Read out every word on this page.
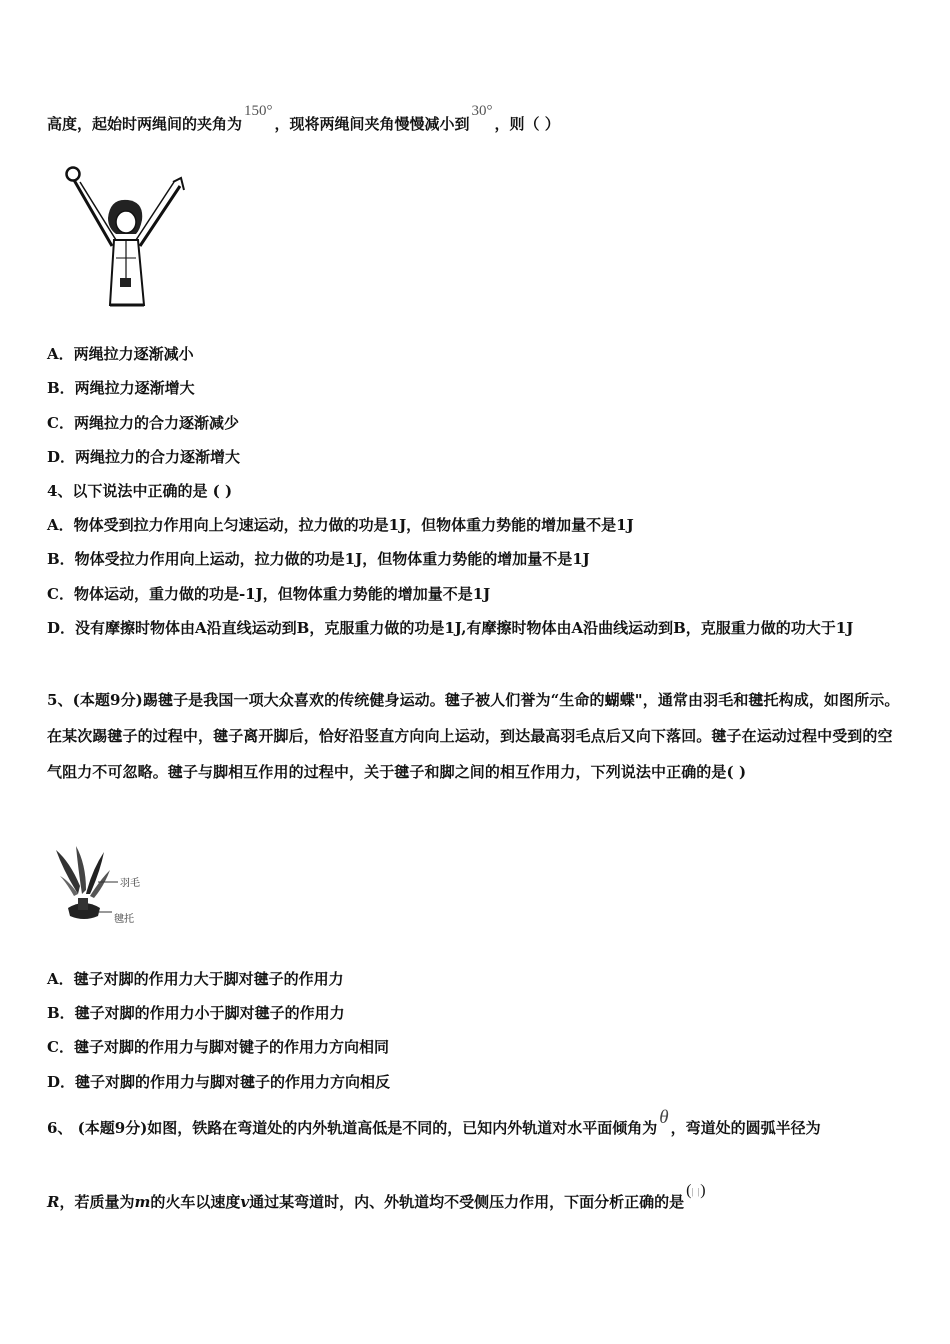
高度，起始时两绳间的夹角为150°，现将两绳间夹角慢慢减小到30°，则（ ）
A．两绳拉力逐渐减小
B．两绳拉力逐渐增大
C．两绳拉力的合力逐渐减少
D．两绳拉力的合力逐渐增大
4、以下说法中正确的是 ( )
A．物体受到拉力作用向上匀速运动，拉力做的功是1J，但物体重力势能的增加量不是1J
B．物体受拉力作用向上运动，拉力做的功是1J，但物体重力势能的增加量不是1J
C．物体运动，重力做的功是-1J，但物体重力势能的增加量不是1J
D．没有摩擦时物体由A沿直线运动到B，克服重力做的功是1J,有摩擦时物体由A沿曲线运动到B，克服重力做的功大于1J
5、(本题9分)踢毽子是我国一项大众喜欢的传统健身运动。毽子被人们誉为“生命的蝴蝶"，通常由羽毛和毽托构成，如图所示。在某次踢毽子的过程中，毽子离开脚后，恰好沿竖直方向向上运动，到达最高羽毛点后又向下落回。毽子在运动过程中受到的空气阻力不可忽略。毽子与脚相互作用的过程中，关于毽子和脚之间的相互作用力，下列说法中正确的是( )
羽毛
毽托
A．毽子对脚的作用力大于脚对毽子的作用力
B．毽子对脚的作用力小于脚对毽子的作用力
C．毽子对脚的作用力与脚对键子的作用力方向相同
D．毽子对脚的作用力与脚对毽子的作用力方向相反
6、 (本题9分)如图，铁路在弯道处的内外轨道高低是不同的，已知内外轨道对水平面倾角为 θ ，弯道处的圆弧半径为
R，若质量为m的火车以速度v通过某弯道时，内、外轨道均不受侧压力作用，下面分析正确的是(| |)
